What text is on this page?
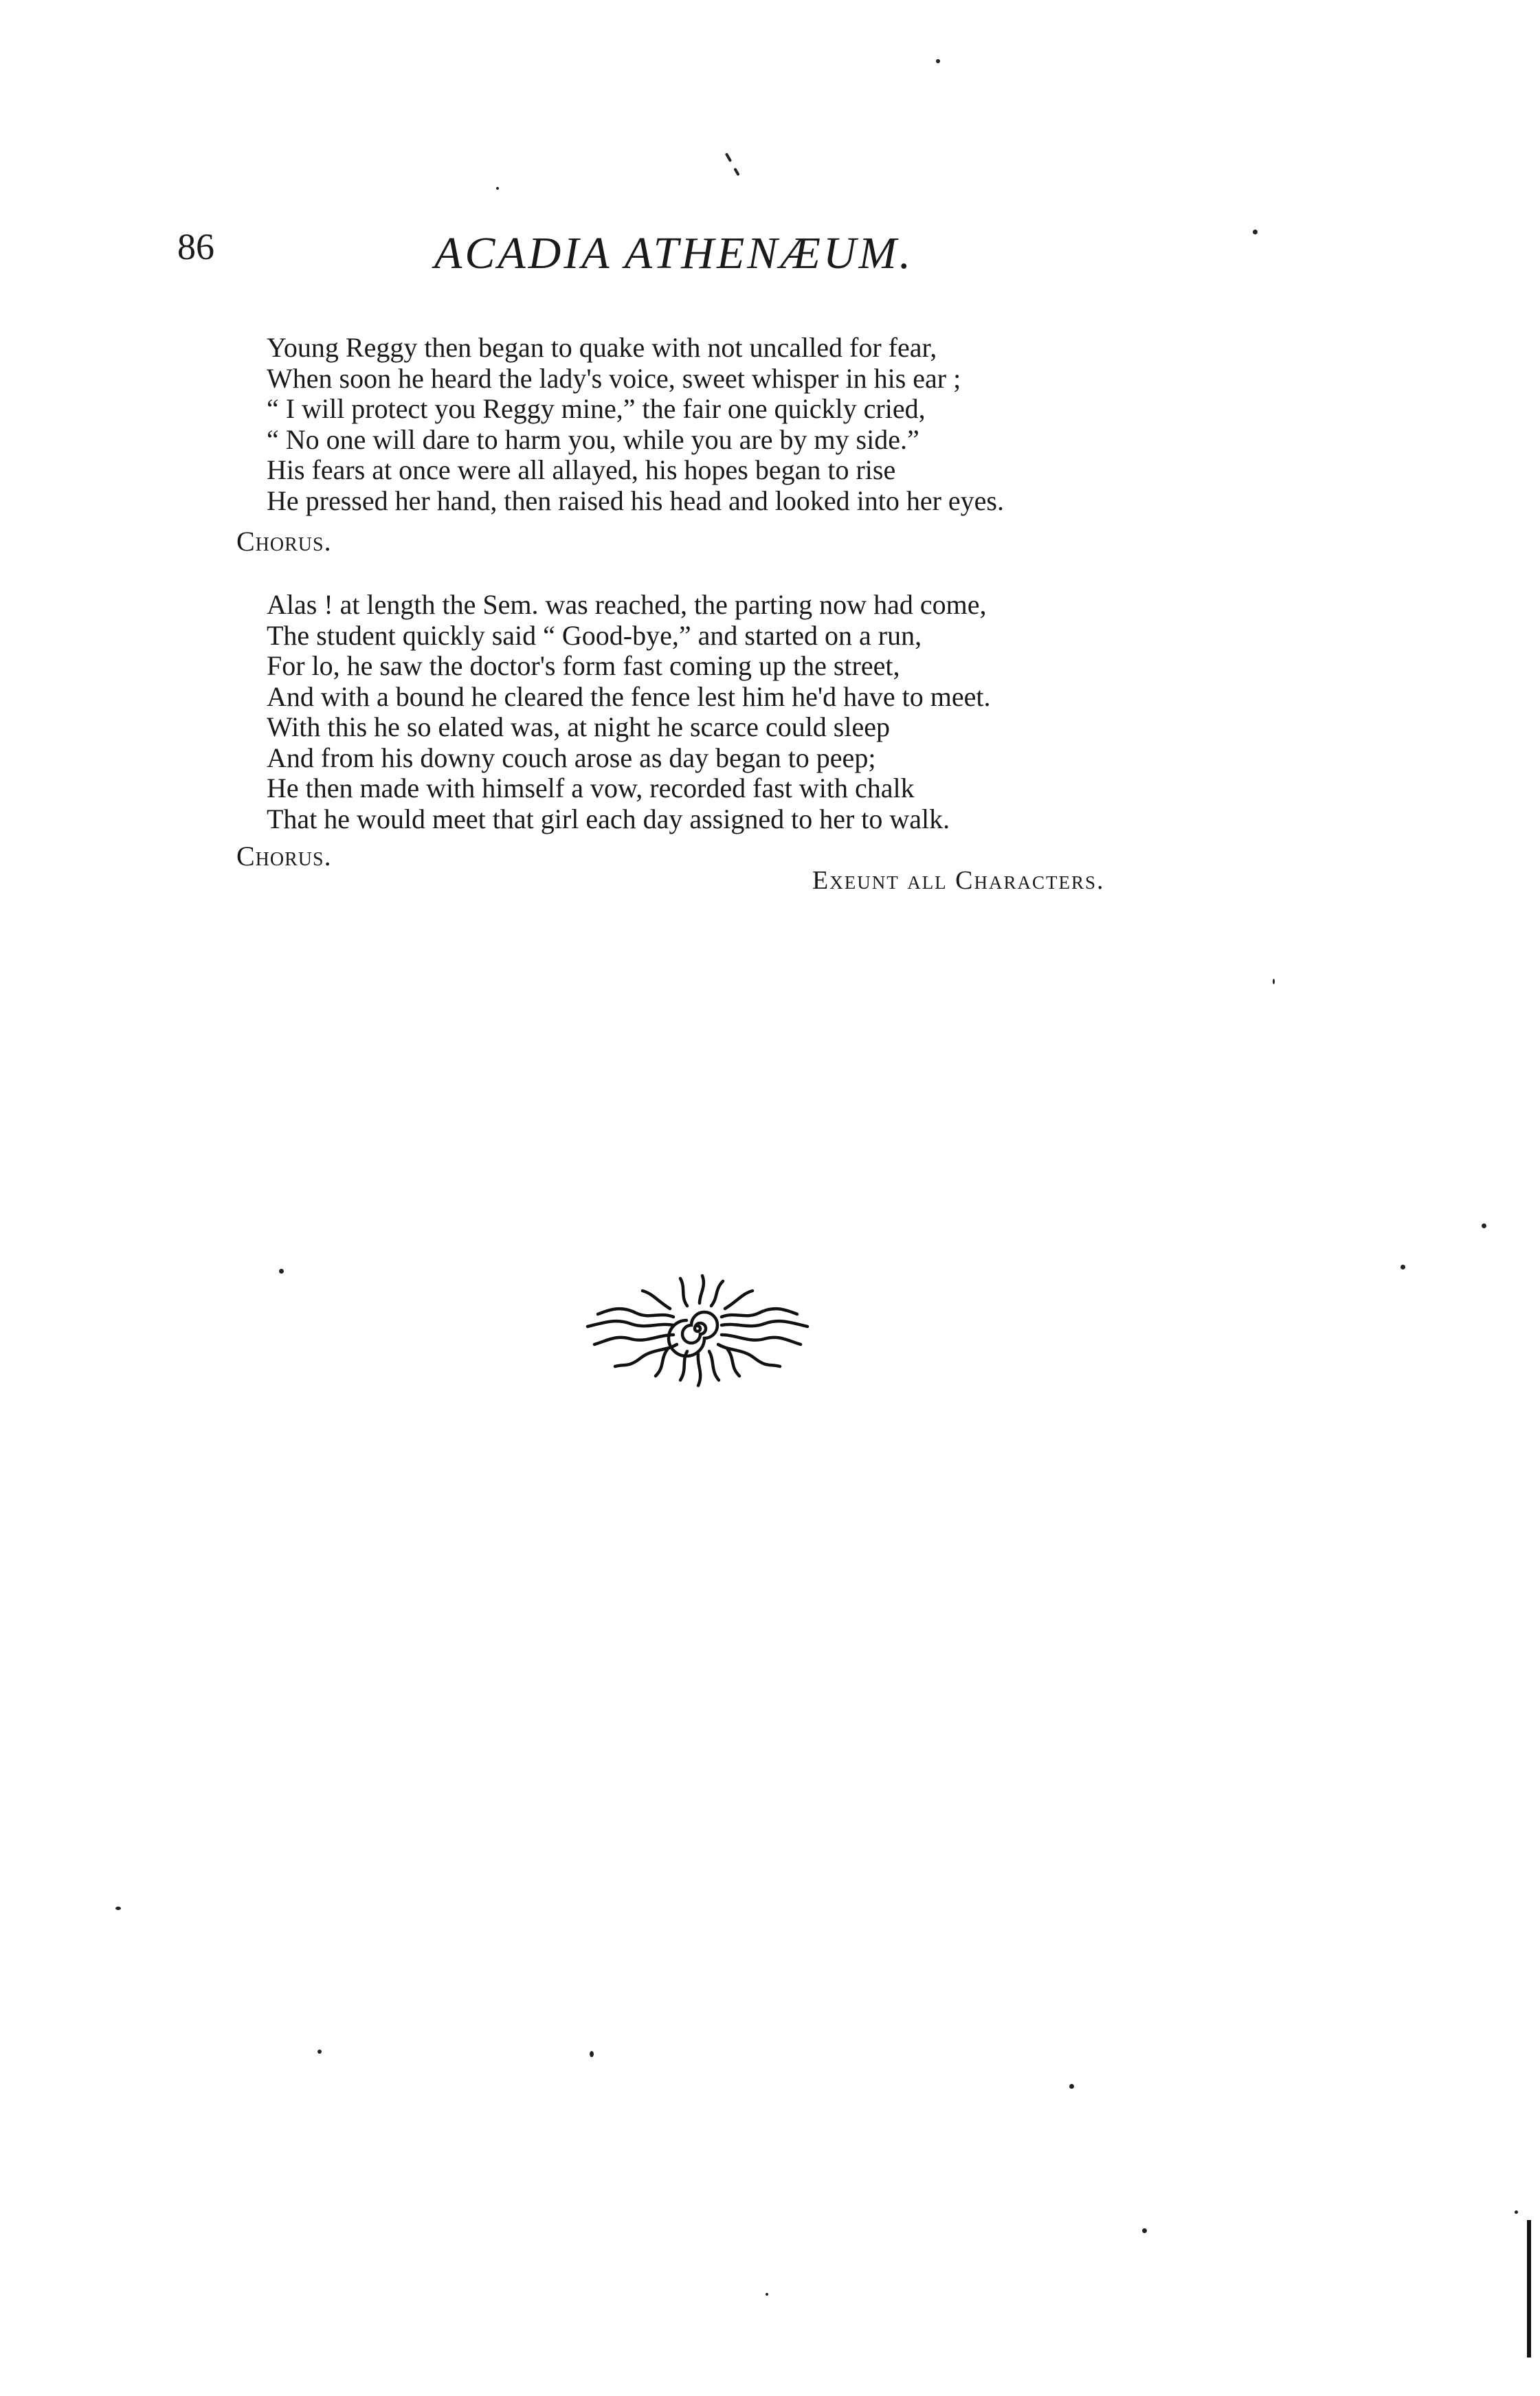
86	ACADIA ATHENÆUM.
Young Reggy then began to quake with not uncalled for fear,
When soon he heard the lady's voice, sweet whisper in his ear ;
“ I will protect you Reggy mine,” the fair one quickly cried,
“ No one will dare to harm you, while you are by my side.”
His fears at once were all allayed, his hopes began to rise
He pressed her hand, then raised his head and looked into her eyes.
Chorus.
Alas ! at length the Sem. was reached, the parting now had come,
The student quickly said “ Good-bye,” and started on a run,
For lo, he saw the doctor's form fast coming up the street,
And with a bound he cleared the fence lest him he'd have to meet.
With this he so elated was, at night he scarce could sleep
And from his downy couch arose as day began to peep;
He then made with himself a vow, recorded fast with chalk
That he would meet that girl each day assigned to her to walk.
Chorus.
Exeunt all Characters.
